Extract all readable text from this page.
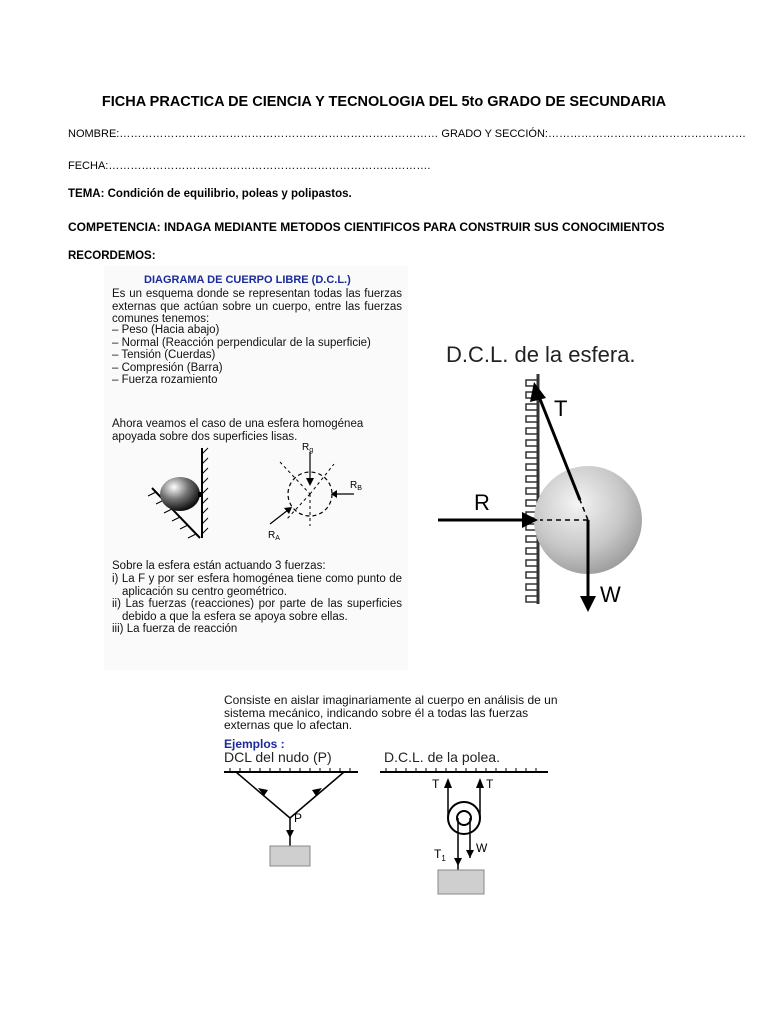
FICHA PRACTICA DE CIENCIA Y TECNOLOGIA DEL 5to GRADO DE SECUNDARIA
NOMBRE:…………………………………………………………………………… GRADO Y SECCIÓN:………………………………………………
FECHA:…………………………………………………………………………….
TEMA: Condición de equilibrio, poleas y polipastos.
COMPETENCIA: INDAGA MEDIANTE METODOS CIENTIFICOS PARA CONSTRUIR SUS CONOCIMIENTOS
RECORDEMOS:
DIAGRAMA DE CUERPO LIBRE (D.C.L.)
Es un esquema donde se representan todas las fuerzas externas que actúan sobre un cuerpo, entre las fuerzas comunes tenemos:
– Peso (Hacia abajo)
– Normal (Reacción perpendicular de la superficie)
– Tensión (Cuerdas)
– Compresión (Barra)
– Fuerza rozamiento
Ahora veamos el caso de una esfera homogénea apoyada sobre dos superficies lisas.
$R_g$
$R_B$
$R_A$
Sobre la esfera están actuando 3 fuerzas:
i) La F y por ser esfera homogénea tiene como punto de aplicación su centro geométrico.
ii) Las fuerzas (reacciones) por parte de las superficies debido a que la esfera se apoya sobre ellas.
iii) La fuerza de reacción
D.C.L. de la esfera.
T
R
W
Consiste en aislar imaginariamente al cuerpo en análisis de un sistema mecánico, indicando sobre él a todas las fuerzas externas que lo afectan.
Ejemplos :
DCL del nudo (P)	D.C.L. de la polea.
P
T	T
$T_1$
W
